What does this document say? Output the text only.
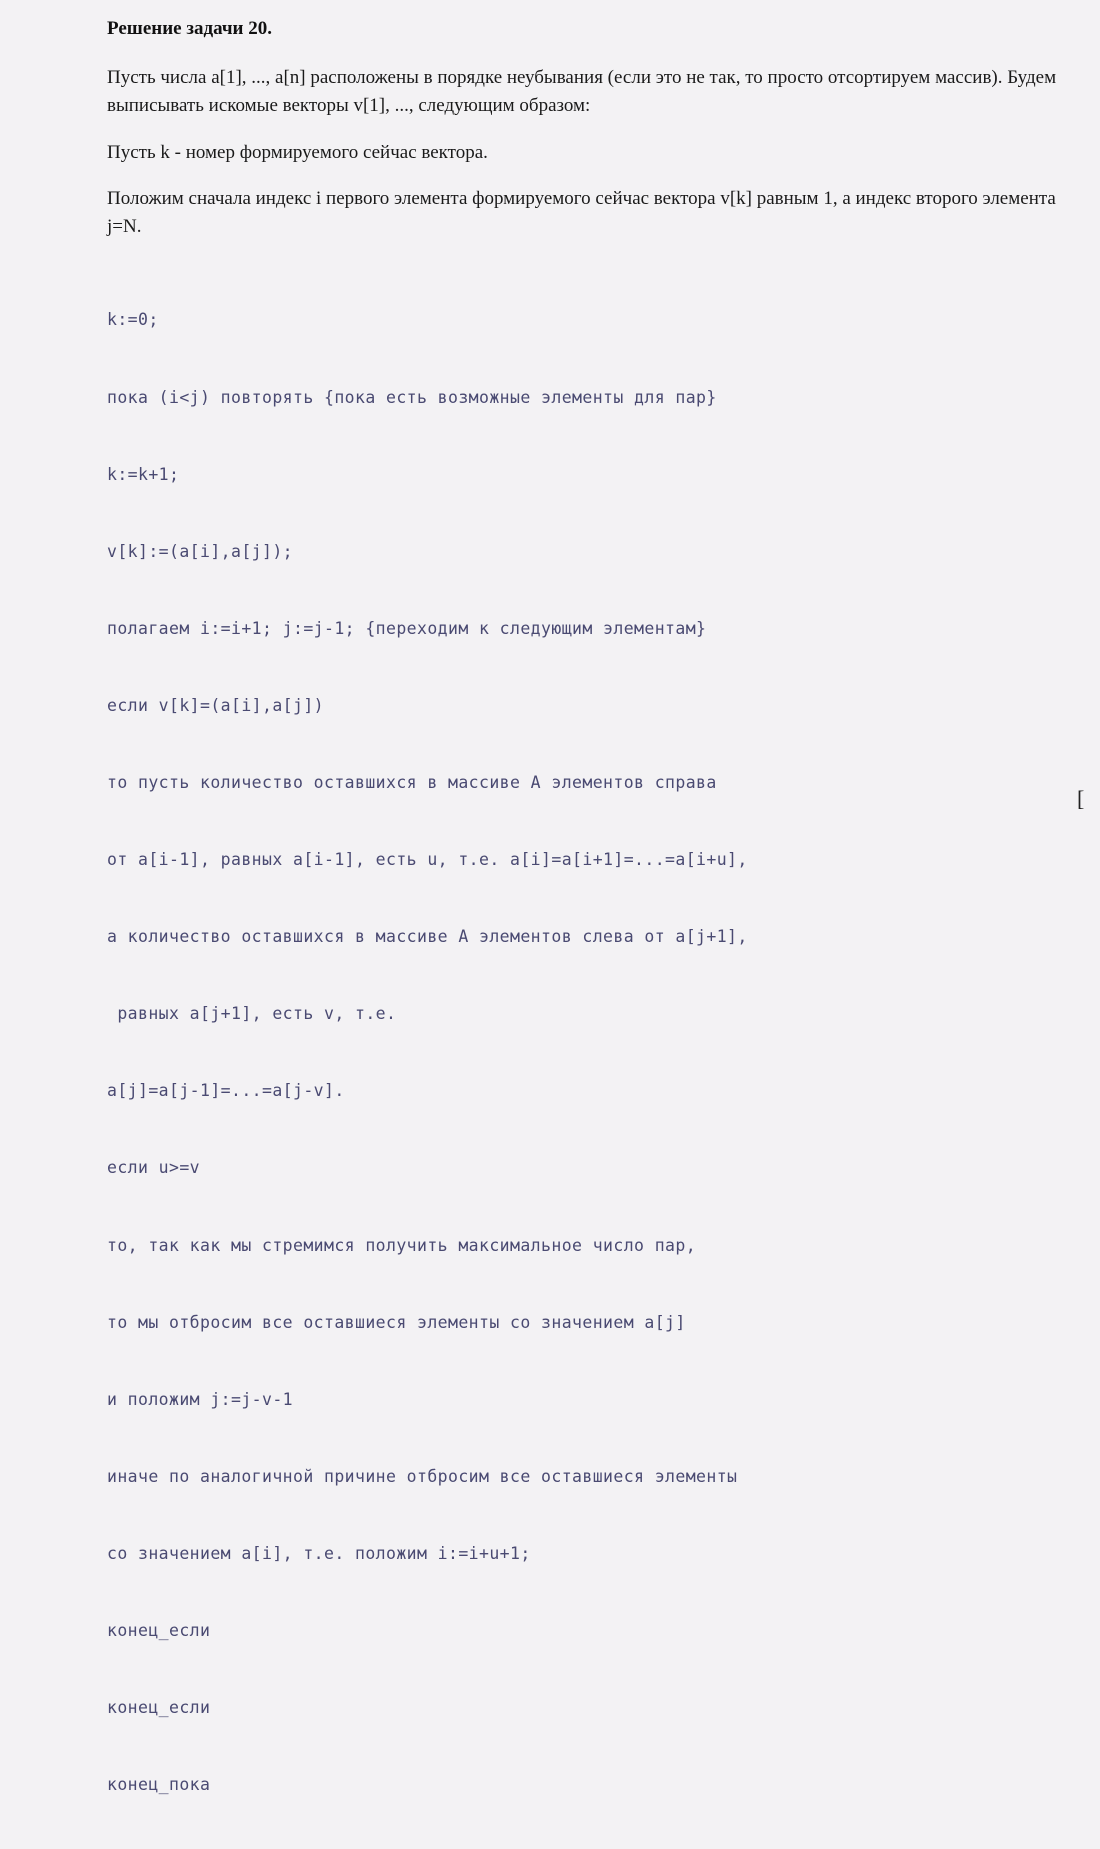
Решение задачи 20.
Пусть числа a[1], ..., a[n] расположены в порядке неубывания (если это не так, то просто отсортируем массив). Будем выписывать искомые векторы v[1], ..., следующим образом:
Пусть k - номер формируемого сейчас вектора.
Положим сначала индекс i первого элемента формируемого сейчас вектора v[k] равным 1, а индекс второго элемента j=N.

k:=0;

пока (i<j) повторять {пока есть возможные элементы для пар}

k:=k+1;

v[k]:=(a[i],a[j]);

полагаем i:=i+1; j:=j-1; {переходим к следующим элементам}

если v[k]=(a[i],a[j])

то пусть количество оставшихся в массиве A элементов справа

от a[i-1], равных a[i-1], есть u, т.е. a[i]=a[i+1]=...=a[i+u],

а количество оставшихся в массиве A элементов слева от a[j+1],

равных a[j+1], есть v, т.е.

a[j]=a[j-1]=...=a[j-v].

если u>=v

то, так как мы стремимся получить максимальное число пар,

то мы отбросим все оставшиеся элементы со значением a[j]

и положим j:=j-v-1

иначе по аналогичной причине отбросим все оставшиеся элементы

со значением a[i], т.е. положим i:=i+u+1;

конец_если

конец_если

конец_пока

[
